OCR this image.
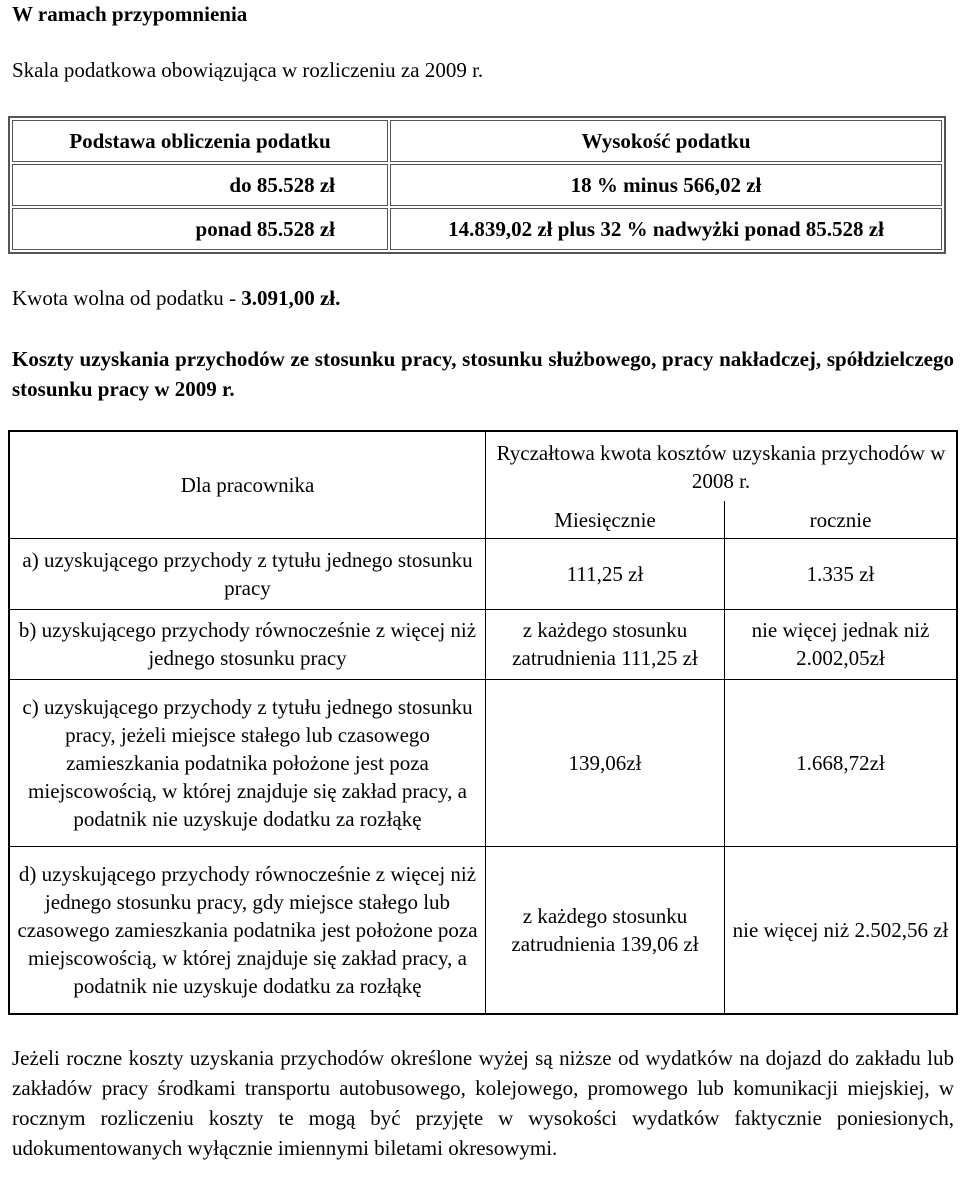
W ramach przypomnienia
Skala podatkowa obowiązująca w rozliczeniu za 2009 r.
Podstawa obliczenia podatku	Wysokość podatku
do 85.528 zł	18 % minus 566,02 zł
ponad 85.528 zł	14.839,02 zł plus 32 % nadwyżki ponad 85.528 zł
Kwota wolna od podatku - 3.091,00 zł.
Koszty uzyskania przychodów ze stosunku pracy, stosunku służbowego, pracy nakładczej, spółdzielczego stosunku pracy w 2009 r.
Dla pracownika	Ryczałtowa kwota kosztów uzyskania przychodów w 2008 r.	
	Miesięcznie	rocznie
a) uzyskującego przychody z tytułu jednego stosunku pracy	111,25 zł	1.335 zł
b) uzyskującego przychody równocześnie z więcej niż jednego stosunku pracy	z każdego stosunku zatrudnienia 111,25 zł	nie więcej jednak niż 2.002,05zł
c) uzyskującego przychody z tytułu jednego stosunku pracy, jeżeli miejsce stałego lub czasowego zamieszkania podatnika położone jest poza miejscowością, w której znajduje się zakład pracy, a podatnik nie uzyskuje dodatku za rozłąkę	139,06zł	1.668,72zł
d) uzyskującego przychody równocześnie z więcej niż jednego stosunku pracy, gdy miejsce stałego lub czasowego zamieszkania podatnika jest położone poza miejscowością, w której znajduje się zakład pracy, a podatnik nie uzyskuje dodatku za rozłąkę	z każdego stosunku zatrudnienia 139,06 zł	nie więcej niż 2.502,56 zł
Jeżeli roczne koszty uzyskania przychodów określone wyżej są niższe od wydatków na dojazd do zakładu lub zakładów pracy środkami transportu autobusowego, kolejowego, promowego lub komunikacji miejskiej, w rocznym rozliczeniu koszty te mogą być przyjęte w wysokości wydatków faktycznie poniesionych, udokumentowanych wyłącznie imiennymi biletami okresowymi.
